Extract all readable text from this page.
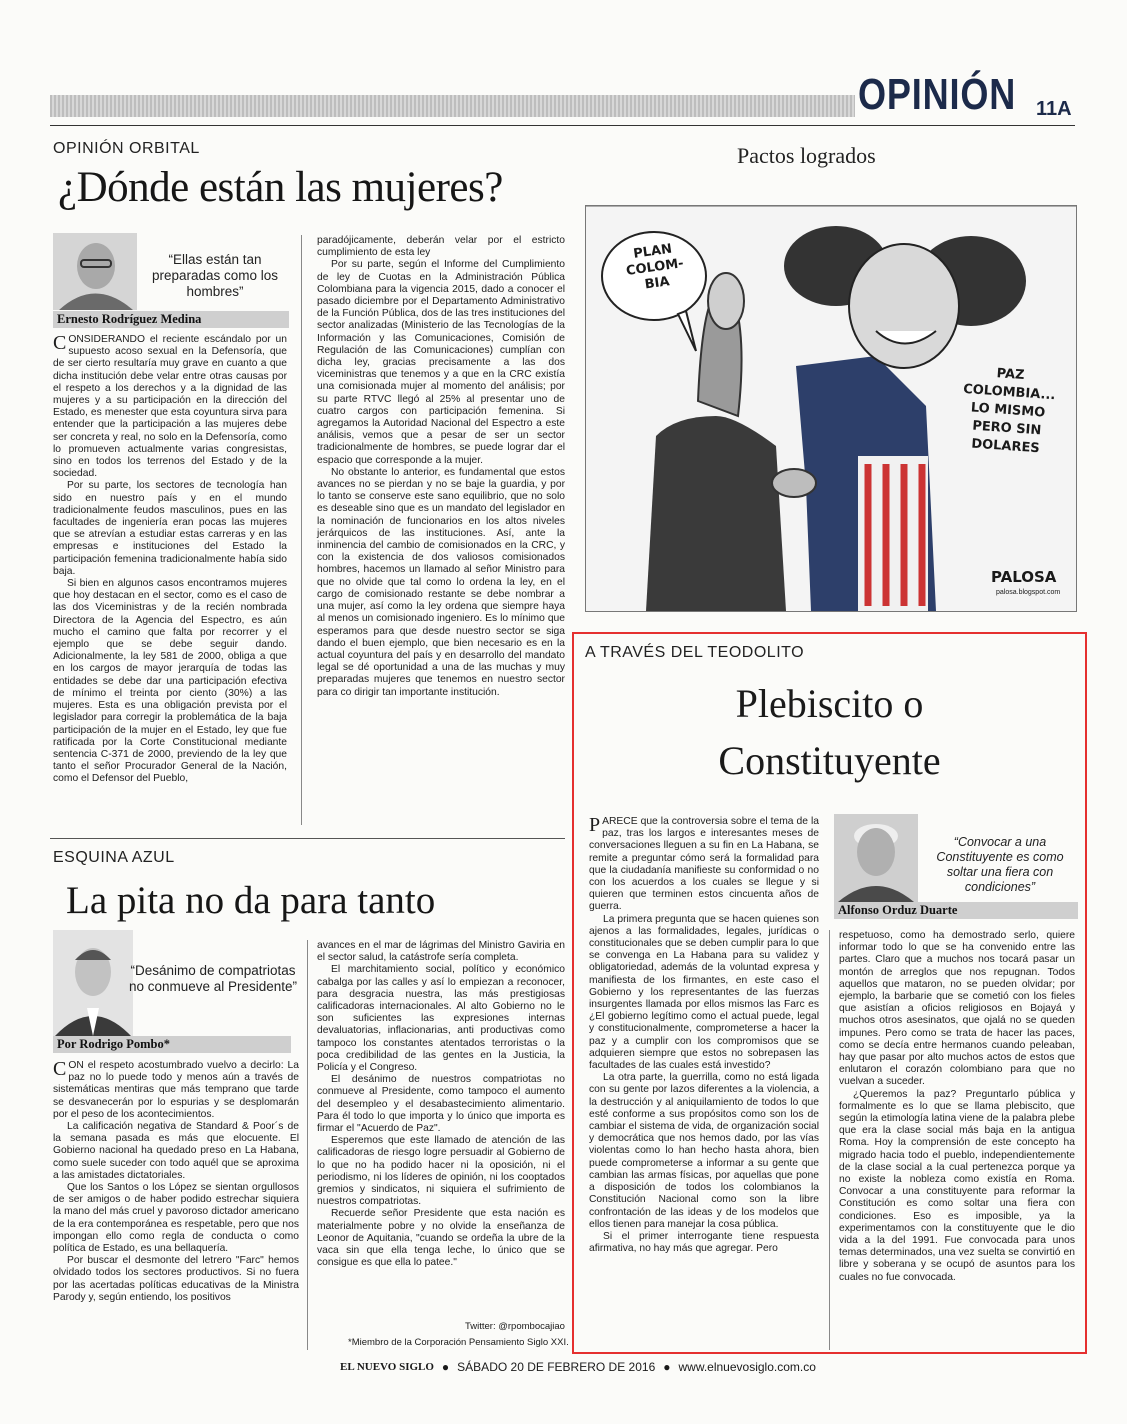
OPINIÓN 11A
OPINIÓN ORBITAL
¿Dónde están las mujeres?
“Ellas están tan preparadas como los hombres”
Ernesto Rodríguez Medina

CONSIDERANDO el reciente escándalo por un supuesto acoso sexual en la Defensoría, que de ser cierto resultaría muy grave en cuanto a que dicha institución debe velar entre otras causas por el respeto a los derechos y a la dignidad de las mujeres y a su participación en la dirección del Estado, es menester que esta coyuntura sirva para entender que la participación a las mujeres debe ser concreta y real, no solo en la Defensoría, como lo promueven actualmente varias congresistas, sino en todos los terrenos del Estado y de la sociedad.

Por su parte, los sectores de tecnología han sido en nuestro país y en el mundo tradicionalmente feudos masculinos, pues en las facultades de ingeniería eran pocas las mujeres que se atrevían a estudiar estas carreras y en las empresas e instituciones del Estado la participación femenina tradicionalmente había sido baja.

Si bien en algunos casos encontramos mujeres que hoy destacan en el sector, como es el caso de las dos Viceministras y de la recién nombrada Directora de la Agencia del Espectro, es aún mucho el camino que falta por recorrer y el ejemplo que se debe seguir dando. Adicionalmente, la ley 581 de 2000, obliga a que en los cargos de mayor jerarquía de todas las entidades se debe dar una participación efectiva de mínimo el treinta por ciento (30%) a las mujeres. Esta es una obligación prevista por el legislador para corregir la problemática de la baja participación de la mujer en el Estado, ley que fue ratificada por la Corte Constitucional mediante sentencia C-371 de 2000, previendo de la ley que tanto el señor Procurador General de la Nación, como el Defensor del Pueblo,

paradójicamente, deberán velar por el estricto cumplimiento de esta ley

Por su parte, según el Informe del Cumplimiento de ley de Cuotas en la Administración Pública Colombiana para la vigencia 2015, dado a conocer el pasado diciembre por el Departamento Administrativo de la Función Pública, dos de las tres instituciones del sector analizadas (Ministerio de las Tecnologías de la Información y las Comunicaciones, Comisión de Regulación de las Comunicaciones) cumplían con dicha ley, gracias precisamente a las dos viceministras que tenemos y a que en la CRC existía una comisionada mujer al momento del análisis; por su parte RTVC llegó al 25% al presentar uno de cuatro cargos con participación femenina. Si agregamos la Autoridad Nacional del Espectro a este análisis, vemos que a pesar de ser un sector tradicionalmente de hombres, se puede lograr dar el espacio que corresponde a la mujer.

No obstante lo anterior, es fundamental que estos avances no se pierdan y no se baje la guardia, y por lo tanto se conserve este sano equilibrio, que no solo es deseable sino que es un mandato del legislador en la nominación de funcionarios en los altos niveles jerárquicos de las instituciones. Así, ante la inminencia del cambio de comisionados en la CRC, y con la existencia de dos valiosos comisionados hombres, hacemos un llamado al señor Ministro para que no olvide que tal como lo ordena la ley, en el cargo de comisionado restante se debe nombrar a una mujer, así como la ley ordena que siempre haya al menos un comisionado ingeniero. Es lo mínimo que esperamos para que desde nuestro sector se siga dando el buen ejemplo, que bien necesario es en la actual coyuntura del país y en desarrollo del mandato legal se dé oportunidad a una de las muchas y muy preparadas mujeres que tenemos en nuestro sector para co dirigir tan importante institución.

Pactos logrados
PLAN COLOM- BIA
PAZ COLOMBIA... LO MISMO PERO SIN DOLARES
PALOSA
palosa.blogspot.com
A TRAVÉS DEL TEODOLITO
Plebiscito o
Constituyente

PARECE que la controversia sobre el tema de la paz, tras los largos e interesantes meses de conversaciones lleguen a su fin en La Habana, se remite a preguntar cómo será la formalidad para que la ciudadanía manifieste su conformidad o no con los acuerdos a los cuales se llegue y si quieren que terminen estos cincuenta años de guerra.

La primera pregunta que se hacen quienes son ajenos a las formalidades, legales, jurídicas o constitucionales que se deben cumplir para lo que se convenga en La Habana para su validez y obligatoriedad, además de la voluntad expresa y manifiesta de los firmantes, en este caso el Gobierno y los representantes de las fuerzas insurgentes llamada por ellos mismos las Farc es ¿El gobierno legítimo como el actual puede, legal y constitucionalmente, comprometerse a hacer la paz y a cumplir con los compromisos que se adquieren siempre que estos no sobrepasen las facultades de las cuales está investido?

La otra parte, la guerrilla, como no está ligada con su gente por lazos diferentes a la violencia, a la destrucción y al aniquilamiento de todos lo que esté conforme a sus propósitos como son los de cambiar el sistema de vida, de organización social y democrática que nos hemos dado, por las vías violentas como lo han hecho hasta ahora, bien puede comprometerse a informar a su gente que cambian las armas físicas, por aquellas que pone a disposición de todos los colombianos la Constitución Nacional como son la libre confrontación de las ideas y de los modelos que ellos tienen para manejar la cosa pública.

Si el primer interrogante tiene respuesta afirmativa, no hay más que agregar. Pero

“Convocar a una Constituyente es como soltar una fiera con condiciones”
Alfonso Orduz Duarte

respetuoso, como ha demostrado serlo, quiere informar todo lo que se ha convenido entre las partes. Claro que a muchos nos tocará pasar un montón de arreglos que nos repugnan. Todos aquellos que mataron, no se pueden olvidar; por ejemplo, la barbarie que se cometió con los fieles que asistían a oficios religiosos en Bojayá y muchos otros asesinatos, que ojalá no se queden impunes. Pero como se trata de hacer las paces, como se decía entre hermanos cuando peleaban, hay que pasar por alto muchos actos de estos que enlutaron el corazón colombiano para que no vuelvan a suceder.

¿Queremos la paz? Preguntarlo pública y formalmente es lo que se llama plebiscito, que según la etimología latina viene de la palabra plebe que era la clase social más baja en la antigua Roma. Hoy la comprensión de este concepto ha migrado hacia todo el pueblo, independientemente de la clase social a la cual pertenezca porque ya no existe la nobleza como existía en Roma. Convocar a una constituyente para reformar la Constitución es como soltar una fiera con condiciones. Eso es imposible, ya la experimentamos con la constituyente que le dio vida a la del 1991. Fue convocada para unos temas determinados, una vez suelta se convirtió en libre y soberana y se ocupó de asuntos para los cuales no fue convocada.

ESQUINA AZUL
La pita no da para tanto
“Desánimo de compatriotas no conmueve al Presidente”
Por Rodrigo Pombo*

CON el respeto acostumbrado vuelvo a decirlo: La paz no lo puede todo y menos aún a través de sistemáticas mentiras que más temprano que tarde se desvanecerán por lo espurias y se desplomarán por el peso de los acontecimientos.

La calificación negativa de Standard & Poor´s de la semana pasada es más que elocuente. El Gobierno nacional ha quedado preso en La Habana, como suele suceder con todo aquél que se aproxima a las amistades dictatoriales.

Que los Santos o los López se sientan orgullosos de ser amigos o de haber podido estrechar siquiera la mano del más cruel y pavoroso dictador americano de la era contemporánea es respetable, pero que nos impongan ello como regla de conducta o como política de Estado, es una bellaquería.

Por buscar el desmonte del letrero "Farc" hemos olvidado todos los sectores productivos. Si no fuera por las acertadas políticas educativas de la Ministra Parody y, según entiendo, los positivos

avances en el mar de lágrimas del Ministro Gaviria en el sector salud, la catástrofe sería completa.

El marchitamiento social, político y económico cabalga por las calles y así lo empiezan a reconocer, para desgracia nuestra, las más prestigiosas calificadoras internacionales. Al alto Gobierno no le son suficientes las expresiones internas devaluatorias, inflacionarias, anti productivas como tampoco los constantes atentados terroristas o la poca credibilidad de las gentes en la Justicia, la Policía y el Congreso.

El desánimo de nuestros compatriotas no conmueve al Presidente, como tampoco el aumento del desempleo y el desabastecimiento alimentario. Para él todo lo que importa y lo único que importa es firmar el "Acuerdo de Paz".

Esperemos que este llamado de atención de las calificadoras de riesgo logre persuadir al Gobierno de lo que no ha podido hacer ni la oposición, ni el periodismo, ni los líderes de opinión, ni los cooptados gremios y sindicatos, ni siquiera el sufrimiento de nuestros compatriotas.

Recuerde señor Presidente que esta nación es materialmente pobre y no olvide la enseñanza de Leonor de Aquitania, "cuando se ordeña la ubre de la vaca sin que ella tenga leche, lo único que se consigue es que ella lo patee."

Twitter: @rpombocajiao
*Miembro de la Corporación Pensamiento Siglo XXI.
EL NUEVO SIGLO ● SÁBADO 20 DE FEBRERO DE 2016 ● www.elnuevosiglo.com.co
